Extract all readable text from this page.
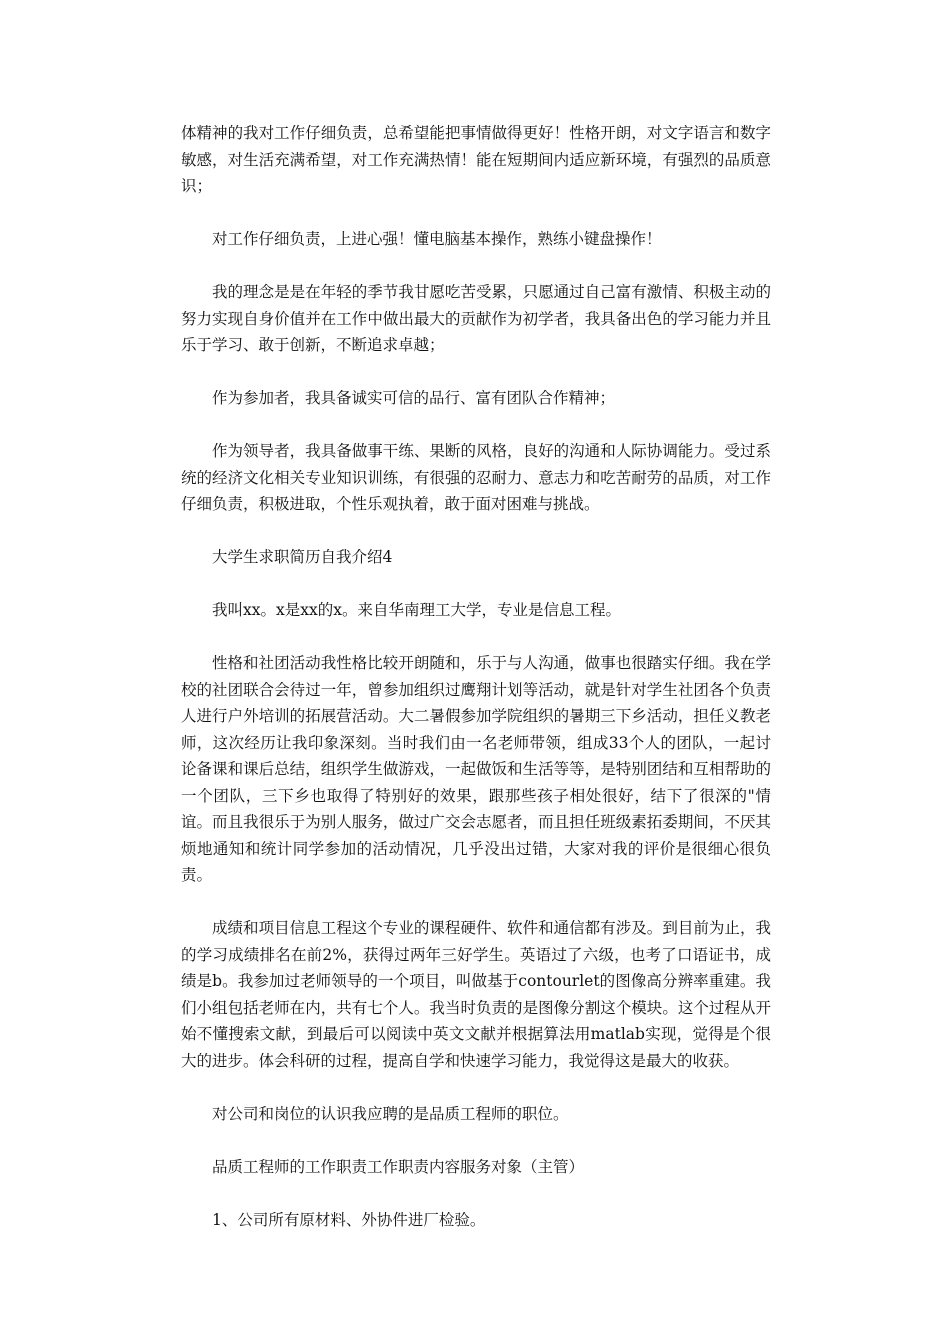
体精神的我对工作仔细负责，总希望能把事情做得更好！性格开朗，对文字语言和数字敏感，对生活充满希望，对工作充满热情！能在短期间内适应新环境，有强烈的品质意识；

对工作仔细负责，上进心强！懂电脑基本操作，熟练小键盘操作！

我的理念是是在年轻的季节我甘愿吃苦受累，只愿通过自己富有激情、积极主动的努力实现自身价值并在工作中做出最大的贡献作为初学者，我具备出色的学习能力并且乐于学习、敢于创新，不断追求卓越；

作为参加者，我具备诚实可信的品行、富有团队合作精神；

作为领导者，我具备做事干练、果断的风格，良好的沟通和人际协调能力。受过系统的经济文化相关专业知识训练，有很强的忍耐力、意志力和吃苦耐劳的品质，对工作仔细负责，积极进取，个性乐观执着，敢于面对困难与挑战。

大学生求职简历自我介绍4

我叫xx。x是xx的x。来自华南理工大学，专业是信息工程。

性格和社团活动我性格比较开朗随和，乐于与人沟通，做事也很踏实仔细。我在学校的社团联合会待过一年，曾参加组织过鹰翔计划等活动，就是针对学生社团各个负责人进行户外培训的拓展营活动。大二暑假参加学院组织的暑期三下乡活动，担任义教老师，这次经历让我印象深刻。当时我们由一名老师带领，组成33个人的团队，一起讨论备课和课后总结，组织学生做游戏，一起做饭和生活等等，是特别团结和互相帮助的一个团队，三下乡也取得了特别好的效果，跟那些孩子相处很好，结下了很深的"情谊。而且我很乐于为别人服务，做过广交会志愿者，而且担任班级素拓委期间，不厌其烦地通知和统计同学参加的活动情况，几乎没出过错，大家对我的评价是很细心很负责。

成绩和项目信息工程这个专业的课程硬件、软件和通信都有涉及。到目前为止，我的学习成绩排名在前2%，获得过两年三好学生。英语过了六级，也考了口语证书，成绩是b。我参加过老师领导的一个项目，叫做基于contourlet的图像高分辨率重建。我们小组包括老师在内，共有七个人。我当时负责的是图像分割这个模块。这个过程从开始不懂搜索文献，到最后可以阅读中英文文献并根据算法用matlab实现，觉得是个很大的进步。体会科研的过程，提高自学和快速学习能力，我觉得这是最大的收获。

对公司和岗位的认识我应聘的是品质工程师的职位。

品质工程师的工作职责工作职责内容服务对象（主管）

1、公司所有原材料、外协件进厂检验。
